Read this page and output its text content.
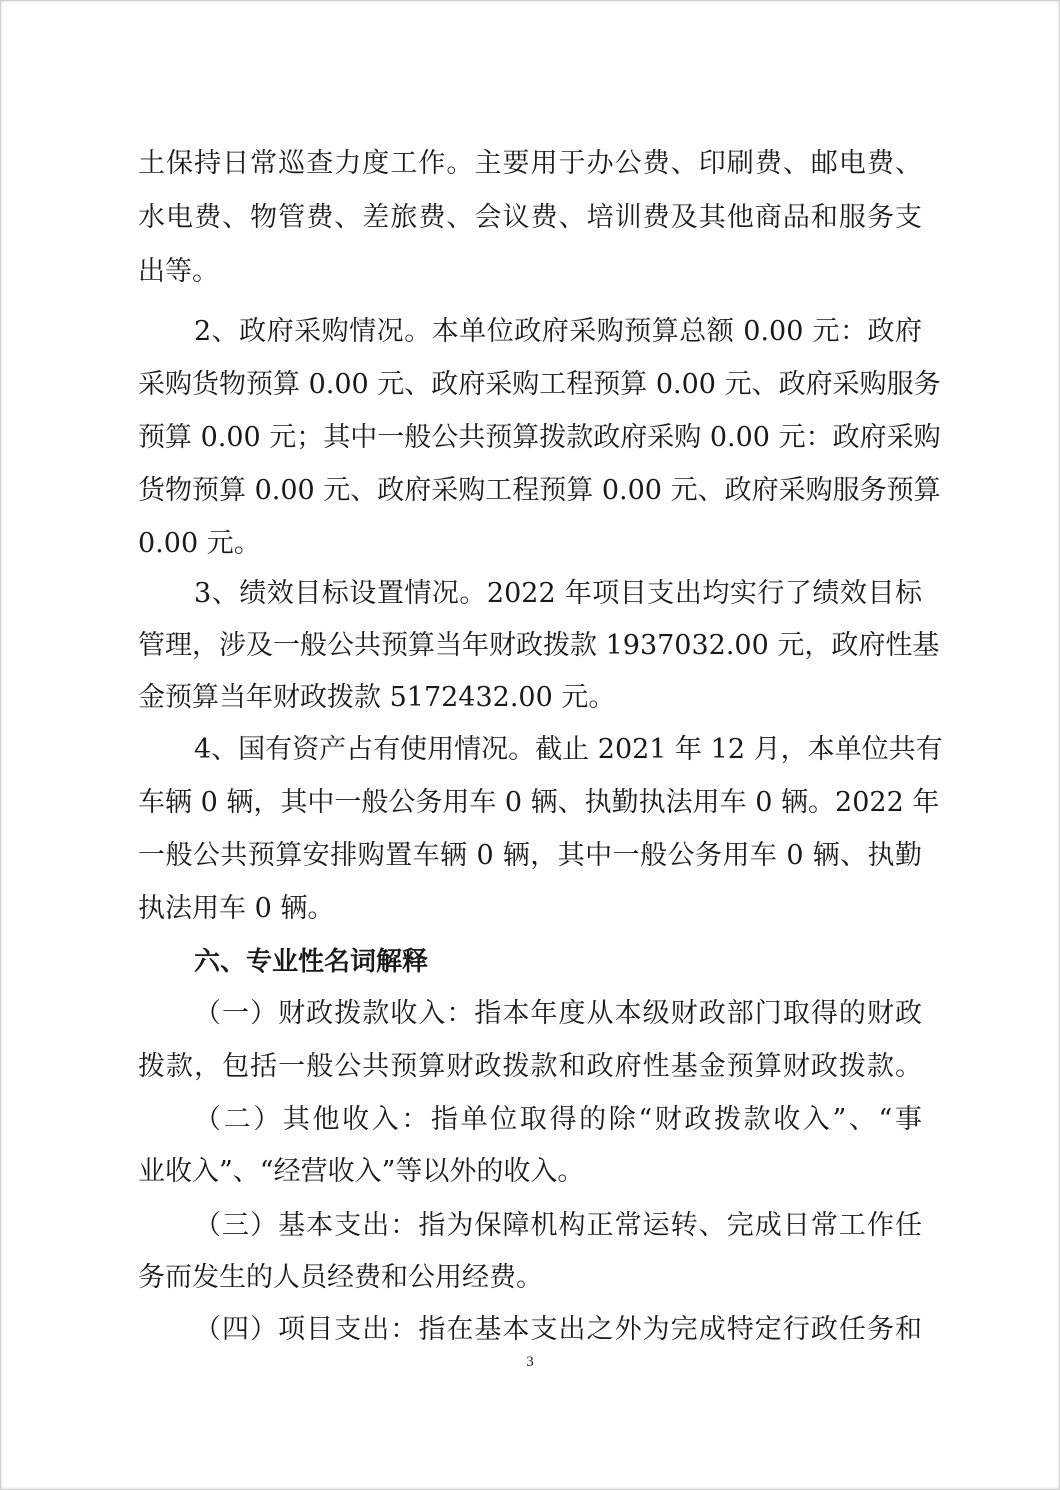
土保持日常巡查力度工作。主要用于办公费、印刷费、邮电费、
水电费、物管费、差旅费、会议费、培训费及其他商品和服务支
出等。
2、政府采购情况。本单位政府采购预算总额 0.00 元：政府
采购货物预算 0.00 元、政府采购工程预算 0.00 元、政府采购服务
预算 0.00 元；其中一般公共预算拨款政府采购 0.00 元：政府采购
货物预算 0.00 元、政府采购工程预算 0.00 元、政府采购服务预算
0.00 元。
3、绩效目标设置情况。2022 年项目支出均实行了绩效目标
管理，涉及一般公共预算当年财政拨款 1937032.00 元，政府性基
金预算当年财政拨款 5172432.00 元。
4、国有资产占有使用情况。截止 2021 年 12 月，本单位共有
车辆 0 辆，其中一般公务用车 0 辆、执勤执法用车 0 辆。2022 年
一般公共预算安排购置车辆 0 辆，其中一般公务用车 0 辆、执勤
执法用车 0 辆。
六、专业性名词解释
（一）财政拨款收入：指本年度从本级财政部门取得的财政
拨款，包括一般公共预算财政拨款和政府性基金预算财政拨款。
（二）其他收入：指单位取得的除“财政拨款收入”、“事
业收入”、“经营收入”等以外的收入。
（三）基本支出：指为保障机构正常运转、完成日常工作任
务而发生的人员经费和公用经费。
（四）项目支出：指在基本支出之外为完成特定行政任务和
3
